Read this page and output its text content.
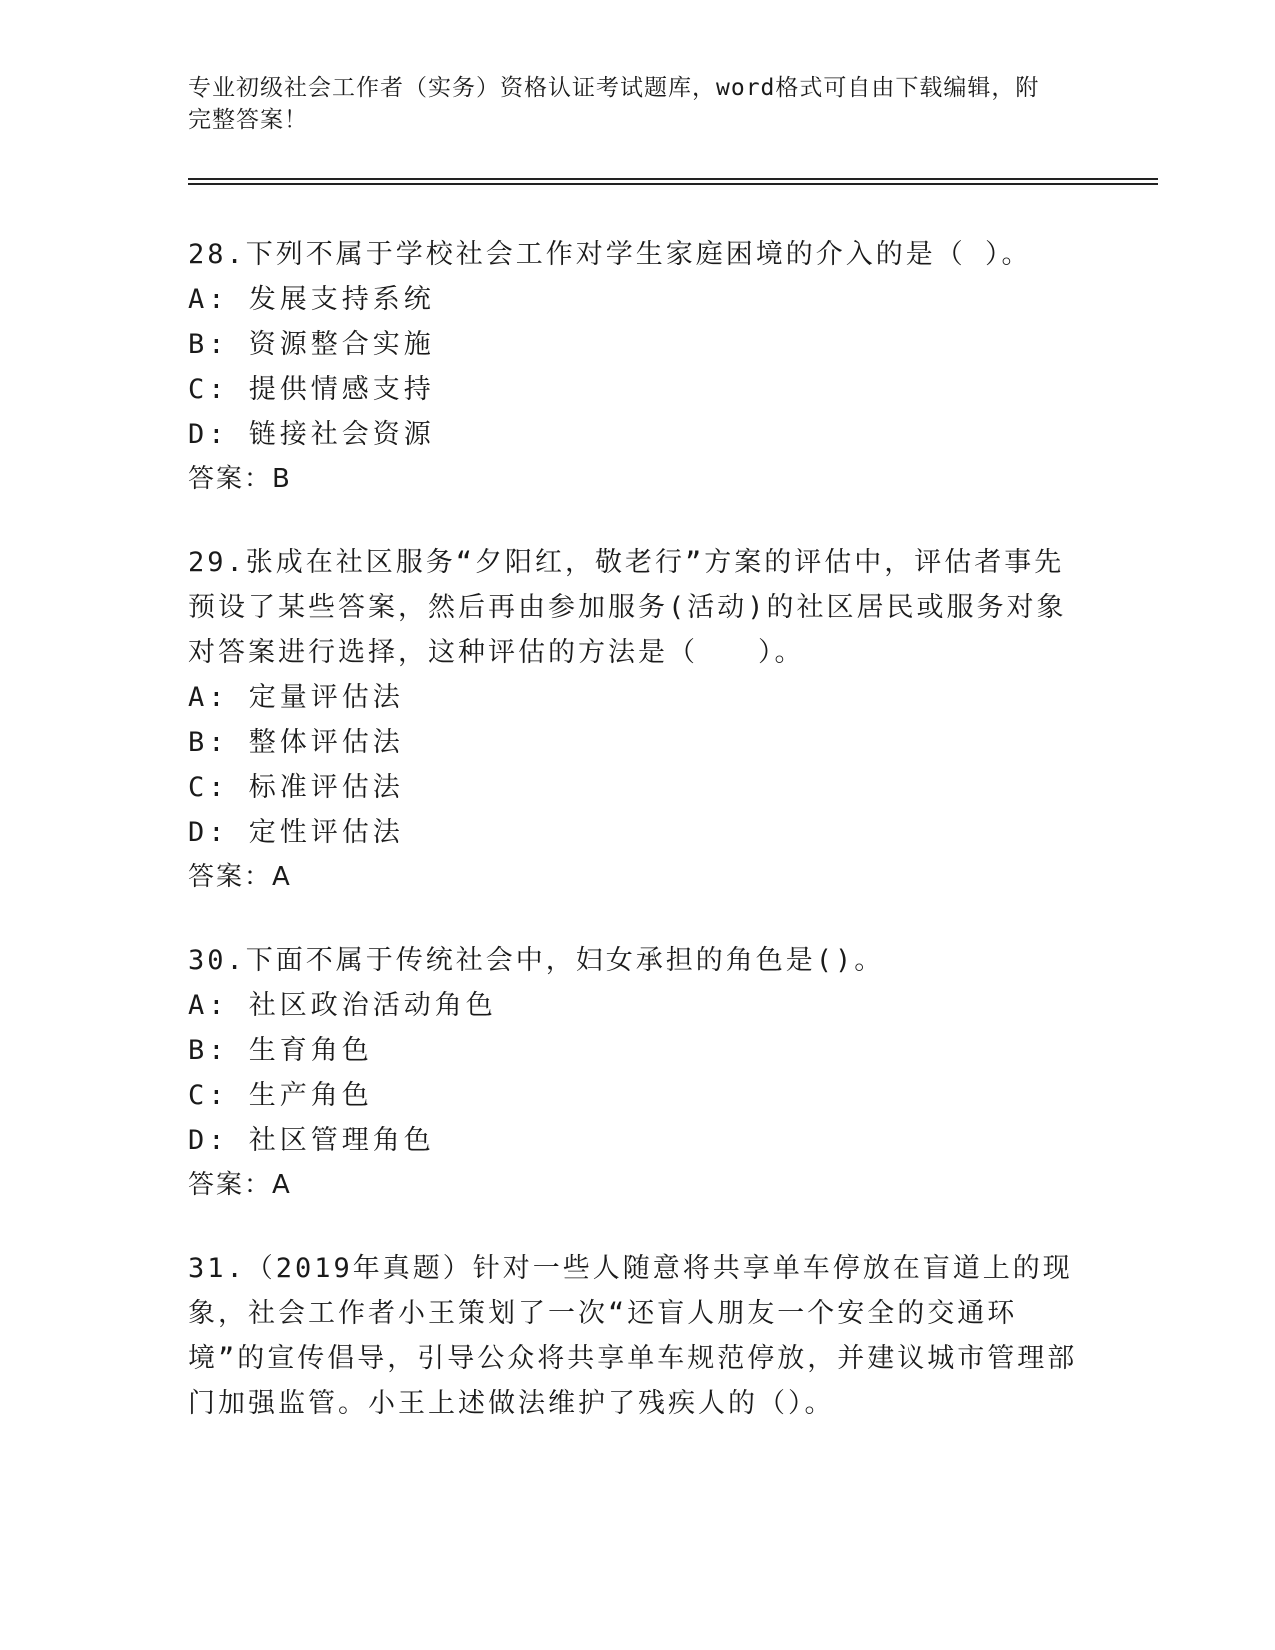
专业初级社会工作者（实务）资格认证考试题库，word格式可自由下载编辑，附
完整答案！

28.下列不属于学校社会工作对学生家庭困境的介入的是（ ）。

A: 发展支持系统

B: 资源整合实施

C: 提供情感支持

D: 链接社会资源

答案：B

29.张成在社区服务“夕阳红，敬老行”方案的评估中，评估者事先预设了某些答案，然后再由参加服务(活动)的社区居民或服务对象对答案进行选择，这种评估的方法是（　　）。

A: 定量评估法

B: 整体评估法

C: 标准评估法

D: 定性评估法

答案：A

30.下面不属于传统社会中，妇女承担的角色是()。

A: 社区政治活动角色

B: 生育角色

C: 生产角色

D: 社区管理角色

答案：A

31.（2019年真题）针对一些人随意将共享单车停放在盲道上的现象，社会工作者小王策划了一次“还盲人朋友一个安全的交通环境”的宣传倡导，引导公众将共享单车规范停放，并建议城市管理部门加强监管。小王上述做法维护了残疾人的（）。
